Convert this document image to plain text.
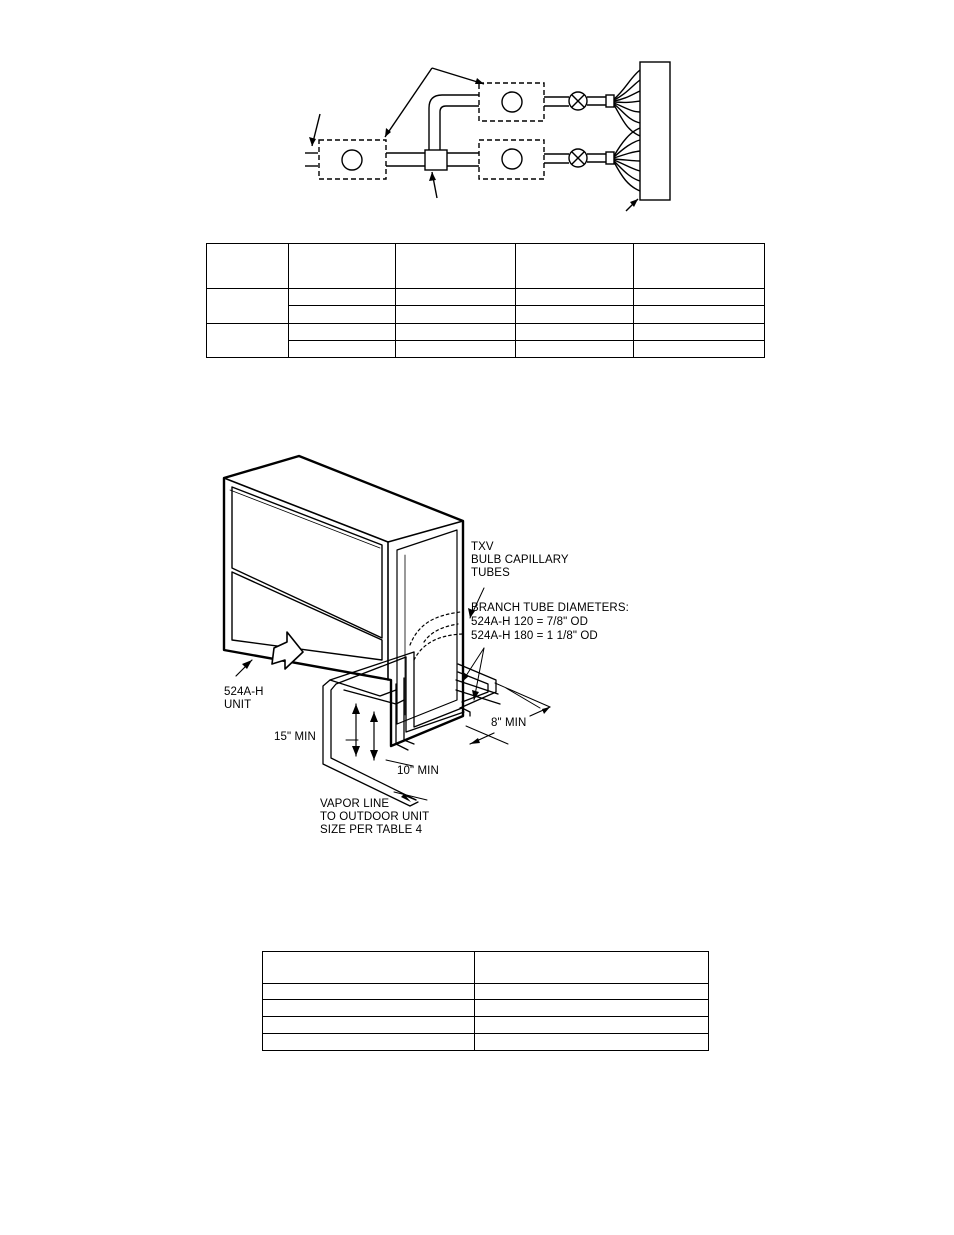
TXV
BULB CAPILLARY
TUBES
BRANCH TUBE DIAMETERS:
524A-H 120 = 7/8" OD
524A-H 180 = 1 1/8" OD
524A-H
UNIT
15" MIN
10" MIN
8" MIN
VAPOR LINE
TO OUTDOOR UNIT
SIZE PER TABLE 4
